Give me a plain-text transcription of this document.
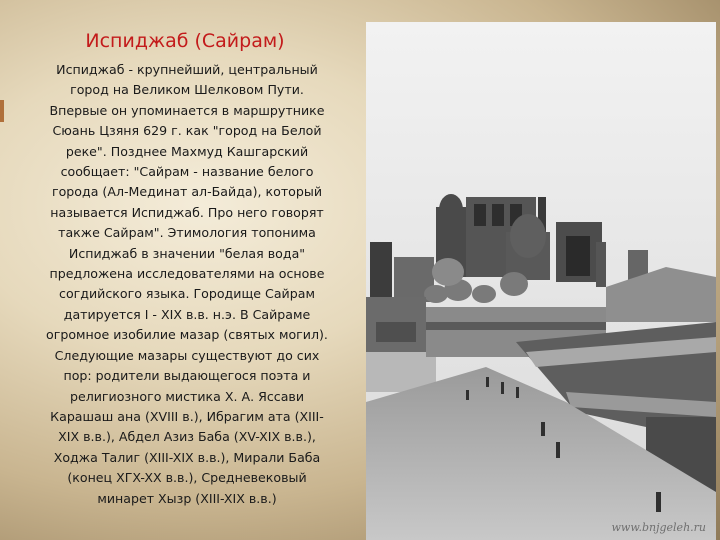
Испиджаб (Сайрам)

Испиджаб - крупнейший, центральный
город на Великом Шелковом Пути.
Впервые он упоминается в маршрутнике
Сюань Цзяня 629 г. как "город на Белой
реке". Позднее Махмуд Кашгарский
сообщает: "Сайрам - название белого
города (Ал-Мединат ал-Байда), который
называется Испиджаб. Про него говорят
также Сайрам". Этимология топонима
Испиджаб в значении "белая вода"
предложена исследователями на основе
согдийского языка. Городище Сайрам
датируется I - XIX в.в. н.э. В Сайраме
огромное изобилие мазар (святых могил).
Следующие мазары существуют до сих
пор: родители выдающегося поэта и
религиозного мистика Х. А. Яссави
Карашаш ана (XVIII в.), Ибрагим ата (XIII-
XIX в.в.), Абдел Азиз Баба (XV-XIX в.в.),
Ходжа Талиг (XIII-XIX в.в.), Мирали Баба
(конец XГX-XX в.в.), Средневековый
минарет Хызр (XIII-XIX в.в.)

www.bnjgeleh.ru
